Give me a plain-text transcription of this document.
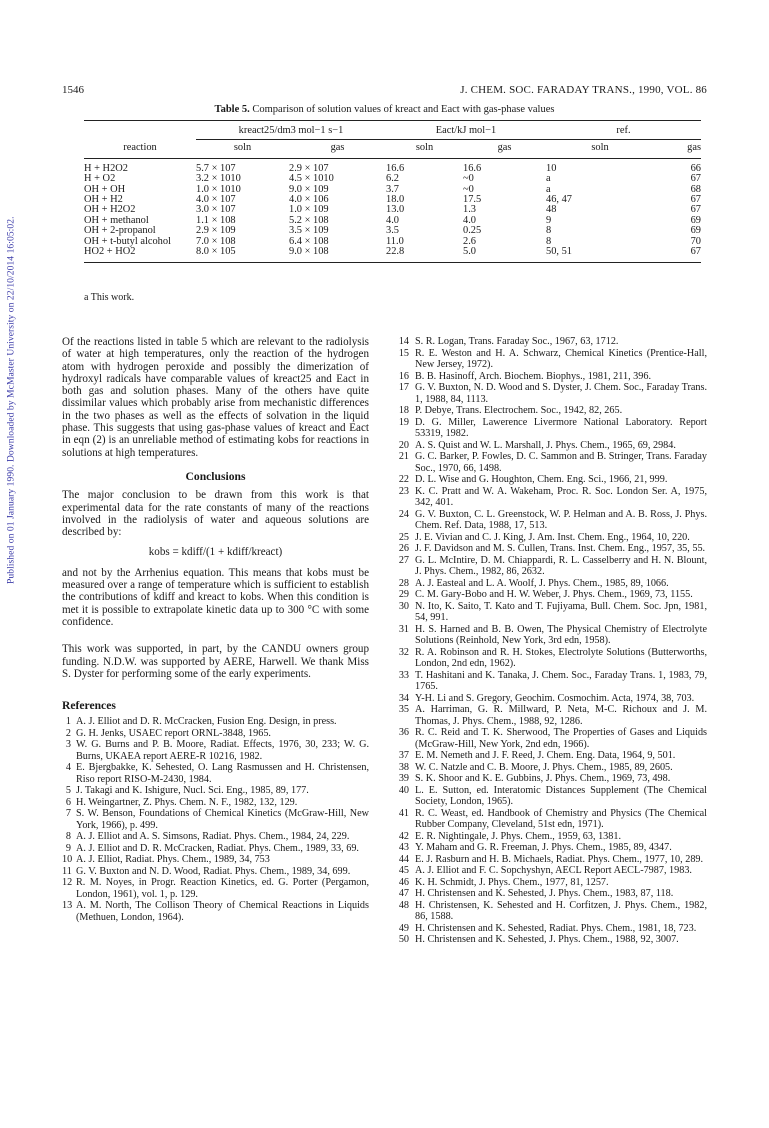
Published on 01 January 1990. Downloaded by McMaster University on 22/10/2014 16:05:02.
1546	J. CHEM. SOC. FARADAY TRANS., 1990, VOL. 86
Table 5. Comparison of solution values of kreact and Eact with gas-phase values
	kreact25/dm3 mol−1 s−1		Eact/kJ mol−1		ref.	
reaction	soln	gas	soln	gas	soln	gas
H + H2O2	5.7 × 107	2.9 × 107	16.6	16.6	10	66
H + O2	3.2 × 1010	4.5 × 1010	6.2	~0	a	67
OH + OH	1.0 × 1010	9.0 × 109	3.7	~0	a	68
OH + H2	4.0 × 107	4.0 × 106	18.0	17.5	46, 47	67
OH + H2O2	3.0 × 107	1.0 × 109	13.0	1.3	48	67
OH + methanol	1.1 × 108	5.2 × 108	4.0	4.0	9	69
OH + 2-propanol	2.9 × 109	3.5 × 109	3.5	0.25	8	69
OH + t-butyl alcohol	7.0 × 108	6.4 × 108	11.0	2.6	8	70
HO2 + HO2	8.0 × 105	9.0 × 108	22.8	5.0	50, 51	67
a This work.

Of the reactions listed in table 5 which are relevant to the radiolysis of water at high temperatures, only the reaction of the hydrogen atom with hydrogen peroxide and possibly the dimerization of hydroxyl radicals have comparable values of kreact25 and Eact in both gas and solution phases. Many of the others have quite dissimilar values which probably arise from mechanistic differences in the two phases as well as the effects of solvation in the liquid phase. This suggests that using gas-phase values of kreact and Eact in eqn (2) is an unreliable method of estimating kobs for reactions in solutions at high temperatures.

Conclusions

The major conclusion to be drawn from this work is that experimental data for the rate constants of many of the reactions involved in the radiolysis of water and aqueous solutions are described by:

kobs = kdiff/(1 + kdiff/kreact)

and not by the Arrhenius equation. This means that kobs must be measured over a range of temperature which is sufficient to establish the contributions of kdiff and kreact to kobs. When this condition is met it is possible to extrapolate kinetic data up to 300 °C with some confidence.

This work was supported, in part, by the CANDU owners group funding. N.D.W. was supported by AERE, Harwell. We thank Miss S. Dyster for performing some of the early experiments.

References
1 A. J. Elliot and D. R. McCracken, Fusion Eng. Design, in press.
2 G. H. Jenks, USAEC report ORNL-3848, 1965.
3 W. G. Burns and P. B. Moore, Radiat. Effects, 1976, 30, 233; W. G. Burns, UKAEA report AERE-R 10216, 1982.
4 E. Bjergbakke, K. Sehested, O. Lang Rasmussen and H. Christensen, Riso report RISO-M-2430, 1984.
5 J. Takagi and K. Ishigure, Nucl. Sci. Eng., 1985, 89, 177.
6 H. Weingartner, Z. Phys. Chem. N. F., 1982, 132, 129.
7 S. W. Benson, Foundations of Chemical Kinetics (McGraw-Hill, New York, 1966), p. 499.
8 A. J. Elliot and A. S. Simsons, Radiat. Phys. Chem., 1984, 24, 229.
9 A. J. Elliot and D. R. McCracken, Radiat. Phys. Chem., 1989, 33, 69.
10 A. J. Elliot, Radiat. Phys. Chem., 1989, 34, 753
11 G. V. Buxton and N. D. Wood, Radiat. Phys. Chem., 1989, 34, 699.
12 R. M. Noyes, in Progr. Reaction Kinetics, ed. G. Porter (Pergamon, London, 1961), vol. 1, p. 129.
13 A. M. North, The Collison Theory of Chemical Reactions in Liquids (Methuen, London, 1964).
14 S. R. Logan, Trans. Faraday Soc., 1967, 63, 1712.
15 R. E. Weston and H. A. Schwarz, Chemical Kinetics (Prentice-Hall, New Jersey, 1972).
16 B. B. Hasinoff, Arch. Biochem. Biophys., 1981, 211, 396.
17 G. V. Buxton, N. D. Wood and S. Dyster, J. Chem. Soc., Faraday Trans. 1, 1988, 84, 1113.
18 P. Debye, Trans. Electrochem. Soc., 1942, 82, 265.
19 D. G. Miller, Lawerence Livermore National Laboratory. Report 53319, 1982.
20 A. S. Quist and W. L. Marshall, J. Phys. Chem., 1965, 69, 2984.
21 G. C. Barker, P. Fowles, D. C. Sammon and B. Stringer, Trans. Faraday Soc., 1970, 66, 1498.
22 D. L. Wise and G. Houghton, Chem. Eng. Sci., 1966, 21, 999.
23 K. C. Pratt and W. A. Wakeham, Proc. R. Soc. London Ser. A, 1975, 342, 401.
24 G. V. Buxton, C. L. Greenstock, W. P. Helman and A. B. Ross, J. Phys. Chem. Ref. Data, 1988, 17, 513.
25 J. E. Vivian and C. J. King, J. Am. Inst. Chem. Eng., 1964, 10, 220.
26 J. F. Davidson and M. S. Cullen, Trans. Inst. Chem. Eng., 1957, 35, 55.
27 G. L. McIntire, D. M. Chiappardi, R. L. Casselberry and H. N. Blount, J. Phys. Chem., 1982, 86, 2632.
28 A. J. Easteal and L. A. Woolf, J. Phys. Chem., 1985, 89, 1066.
29 C. M. Gary-Bobo and H. W. Weber, J. Phys. Chem., 1969, 73, 1155.
30 N. Ito, K. Saito, T. Kato and T. Fujiyama, Bull. Chem. Soc. Jpn, 1981, 54, 991.
31 H. S. Harned and B. B. Owen, The Physical Chemistry of Electrolyte Solutions (Reinhold, New York, 3rd edn, 1958).
32 R. A. Robinson and R. H. Stokes, Electrolyte Solutions (Butterworths, London, 2nd edn, 1962).
33 T. Hashitani and K. Tanaka, J. Chem. Soc., Faraday Trans. 1, 1983, 79, 1765.
34 Y-H. Li and S. Gregory, Geochim. Cosmochim. Acta, 1974, 38, 703.
35 A. Harriman, G. R. Millward, P. Neta, M-C. Richoux and J. M. Thomas, J. Phys. Chem., 1988, 92, 1286.
36 R. C. Reid and T. K. Sherwood, The Properties of Gases and Liquids (McGraw-Hill, New York, 2nd edn, 1966).
37 E. M. Nemeth and J. F. Reed, J. Chem. Eng. Data, 1964, 9, 501.
38 W. C. Natzle and C. B. Moore, J. Phys. Chem., 1985, 89, 2605.
39 S. K. Shoor and K. E. Gubbins, J. Phys. Chem., 1969, 73, 498.
40 L. E. Sutton, ed. Interatomic Distances Supplement (The Chemical Society, London, 1965).
41 R. C. Weast, ed. Handbook of Chemistry and Physics (The Chemical Rubber Company, Cleveland, 51st edn, 1971).
42 E. R. Nightingale, J. Phys. Chem., 1959, 63, 1381.
43 Y. Maham and G. R. Freeman, J. Phys. Chem., 1985, 89, 4347.
44 E. J. Rasburn and H. B. Michaels, Radiat. Phys. Chem., 1977, 10, 289.
45 A. J. Elliot and F. C. Sopchyshyn, AECL Report AECL-7987, 1983.
46 K. H. Schmidt, J. Phys. Chem., 1977, 81, 1257.
47 H. Christensen and K. Sehested, J. Phys. Chem., 1983, 87, 118.
48 H. Christensen, K. Sehested and H. Corfitzen, J. Phys. Chem., 1982, 86, 1588.
49 H. Christensen and K. Sehested, Radiat. Phys. Chem., 1981, 18, 723.
50 H. Christensen and K. Sehested, J. Phys. Chem., 1988, 92, 3007.
